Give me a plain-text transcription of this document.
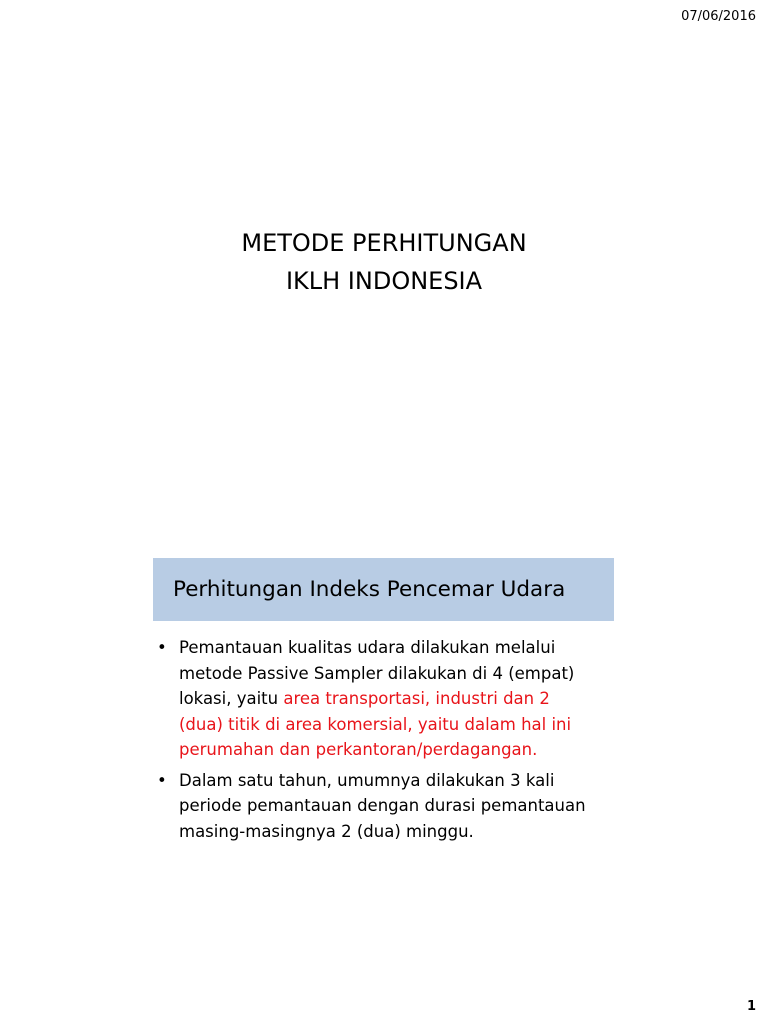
07/06/2016
METODE PERHITUNGAN
IKLH INDONESIA
Perhitungan Indeks Pencemar Udara
• Pemantauan kualitas udara dilakukan melalui
metode Passive Sampler dilakukan di 4 (empat)
lokasi, yaitu area transportasi, industri dan 2
(dua) titik di area komersial, yaitu dalam hal ini
perumahan dan perkantoran/perdagangan.
• Dalam satu tahun, umumnya dilakukan 3 kali
periode pemantauan dengan durasi pemantauan
masing-masingnya 2 (dua) minggu.
1
